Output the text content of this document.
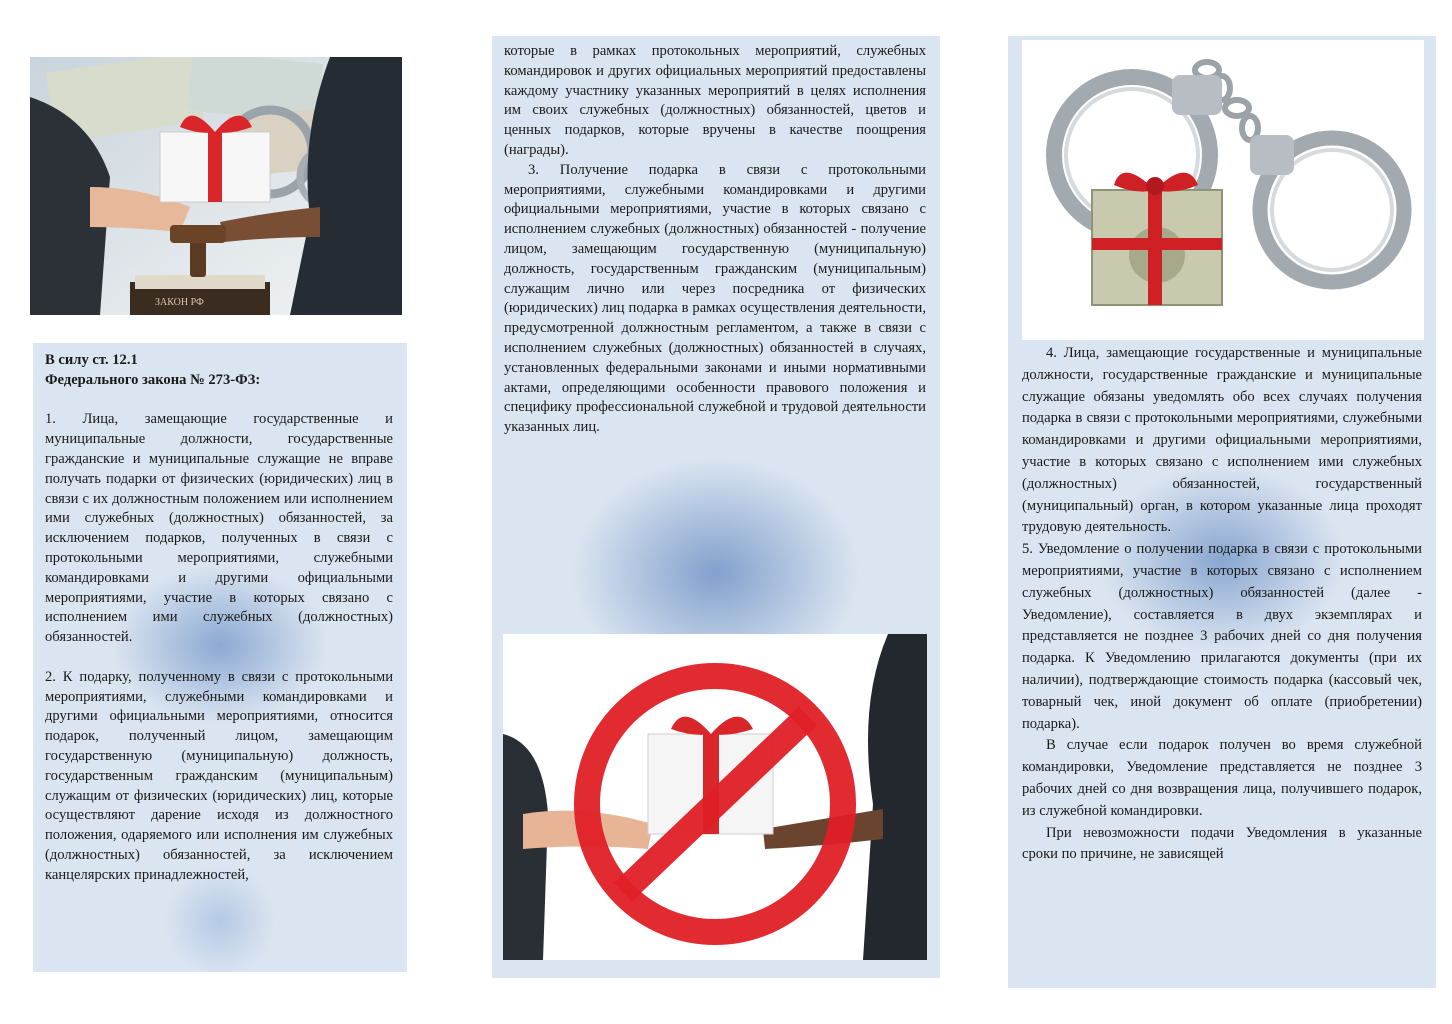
ЗАКОН РФ

В силу ст. 12.1

Федерального закона № 273-ФЗ:

1. Лица, замещающие государственные и муниципальные должности, государственные гражданские и муниципальные служащие не вправе получать подарки от физических (юридических) лиц в связи с их должностным положением или исполнением ими служебных (должностных) обязанностей, за исключением подарков, полученных в связи с протокольными мероприятиями, служебными командировками и другими официальными мероприятиями, участие в которых связано с исполнением ими служебных (должностных) обязанностей.

2. К подарку, полученному в связи с протокольными мероприятиями, служебными командировками и другими официальными мероприятиями, относится подарок, полученный лицом, замещающим государственную (муниципальную) должность, государственным гражданским (муниципальным) служащим от физических (юридических) лиц, которые осуществляют дарение исходя из должностного положения, одаряемого или исполнения им служебных (должностных) обязанностей, за исключением канцелярских принадлежностей,

которые в рамках протокольных мероприятий, служебных командировок и других официальных мероприятий предоставлены каждому участнику указанных мероприятий в целях исполнения им своих служебных (должностных) обязанностей, цветов и ценных подарков, которые вручены в качестве поощрения (награды).

3. Получение подарка в связи с протокольными мероприятиями, служебными командировками и другими официальными мероприятиями, участие в которых связано с исполнением служебных (должностных) обязанностей - получение лицом, замещающим государственную (муниципальную) должность, государственным гражданским (муниципальным) служащим лично или через посредника от физических (юридических) лиц подарка в рамках осуществления деятельности, предусмотренной должностным регламентом, а также в связи с исполнением служебных (должностных) обязанностей в случаях, установленных федеральными законами и иными нормативными актами, определяющими особенности правового положения и специфику профессиональной служебной и трудовой деятельности указанных лиц.

4. Лица, замещающие государственные и муниципальные должности, государственные гражданские и муниципальные служащие обязаны уведомлять обо всех случаях получения подарка в связи с протокольными мероприятиями, служебными командировками и другими официальными мероприятиями, участие в которых связано с исполнением ими служебных (должностных) обязанностей, государственный (муниципальный) орган, в котором указанные лица проходят трудовую деятельность.

5. Уведомление о получении подарка в связи с протокольными мероприятиями, участие в которых связано с исполнением служебных (должностных) обязанностей (далее - Уведомление), составляется в двух экземплярах и представляется не позднее 3 рабочих дней со дня получения подарка. К Уведомлению прилагаются документы (при их наличии), подтверждающие стоимость подарка (кассовый чек, товарный чек, иной документ об оплате (приобретении) подарка).

В случае если подарок получен во время служебной командировки, Уведомление представляется не позднее 3 рабочих дней со дня возвращения лица, получившего подарок, из служебной командировки.

При невозможности подачи Уведомления в указанные сроки по причине, не зависящей
